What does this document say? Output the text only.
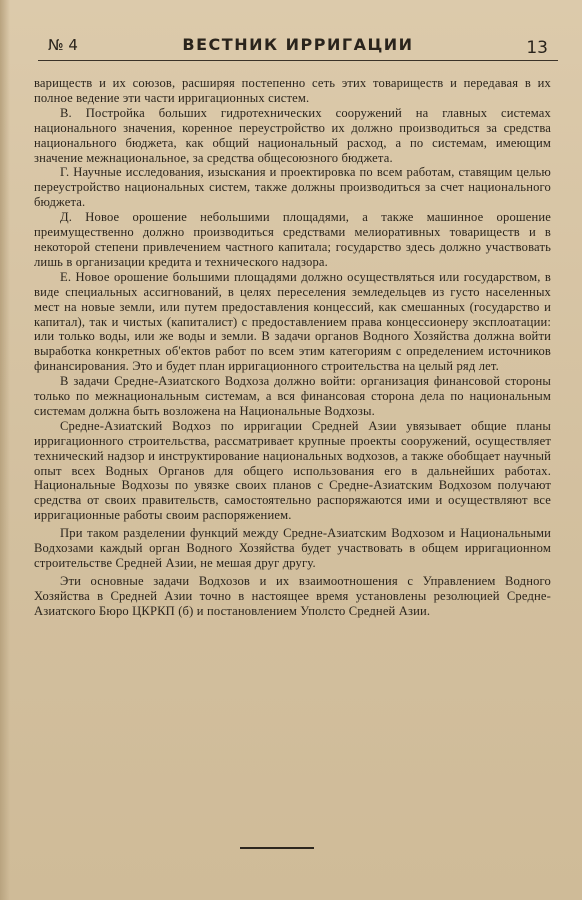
№ 4	ВЕСТНИК ИРРИГАЦИИ	13

вариществ и их союзов, расширяя постепенно сеть этих товариществ и передавая в их полное ведение эти части ирригационных систем.

В. Постройка больших гидротехнических сооружений на главных системах национального значения, коренное переустройство их должно производиться за средства национального бюджета, как общий национальный расход, а по системам, имеющим значение межнациональное, за средства общесоюзного бюджета.

Г. Научные исследования, изыскания и проектировка по всем работам, ставящим целью переустройство национальных систем, также должны производиться за счет национального бюджета.

Д. Новое орошение небольшими площадями, а также машинное орошение преимущественно должно производиться средствами мелиоративных товариществ и в некоторой степени привлечением частного капитала; государство здесь должно участвовать лишь в организации кредита и технического надзора.

Е. Новое орошение большими площадями должно осуществляться или государством, в виде специальных ассигнований, в целях переселения земледельцев из густо населенных мест на новые земли, или путем предоставления концессий, как смешанных (государство и капитал), так и чистых (капиталист) с предоставлением права концессионеру эксплоатации: или только воды, или же воды и земли. В задачи органов Водного Хозяйства должна войти выработка конкретных об'ектов работ по всем этим категориям с определением источников финансирования. Это и будет план ирригационного строительства на целый ряд лет.

В задачи Средне-Азиатского Водхоза должно войти: организация финансовой стороны только по межнациональным системам, а вся финансовая сторона дела по национальным системам должна быть возложена на Национальные Водхозы.

Средне-Азиатский Водхоз по ирригации Средней Азии увязывает общие планы ирригационного строительства, рассматривает крупные проекты сооружений, осуществляет технический надзор и инструктирование национальных водхозов, а также обобщает научный опыт всех Водных Органов для общего использования его в дальнейших работах. Национальные Водхозы по увязке своих планов с Средне-Азиатским Водхозом получают средства от своих правительств, самостоятельно распоряжаются ими и осуществляют все ирригационные работы своим распоряжением.

При таком разделении функций между Средне-Азиатским Водхозом и Национальными Водхозами каждый орган Водного Хозяйства будет участвовать в общем ирригационном строительстве Средней Азии, не мешая друг другу.

Эти основные задачи Водхозов и их взаимоотношения с Управлением Водного Хозяйства в Средней Азии точно в настоящее время установлены резолюцией Средне-Азиатского Бюро ЦКРКП (б) и постановлением Уполсто Средней Азии.
